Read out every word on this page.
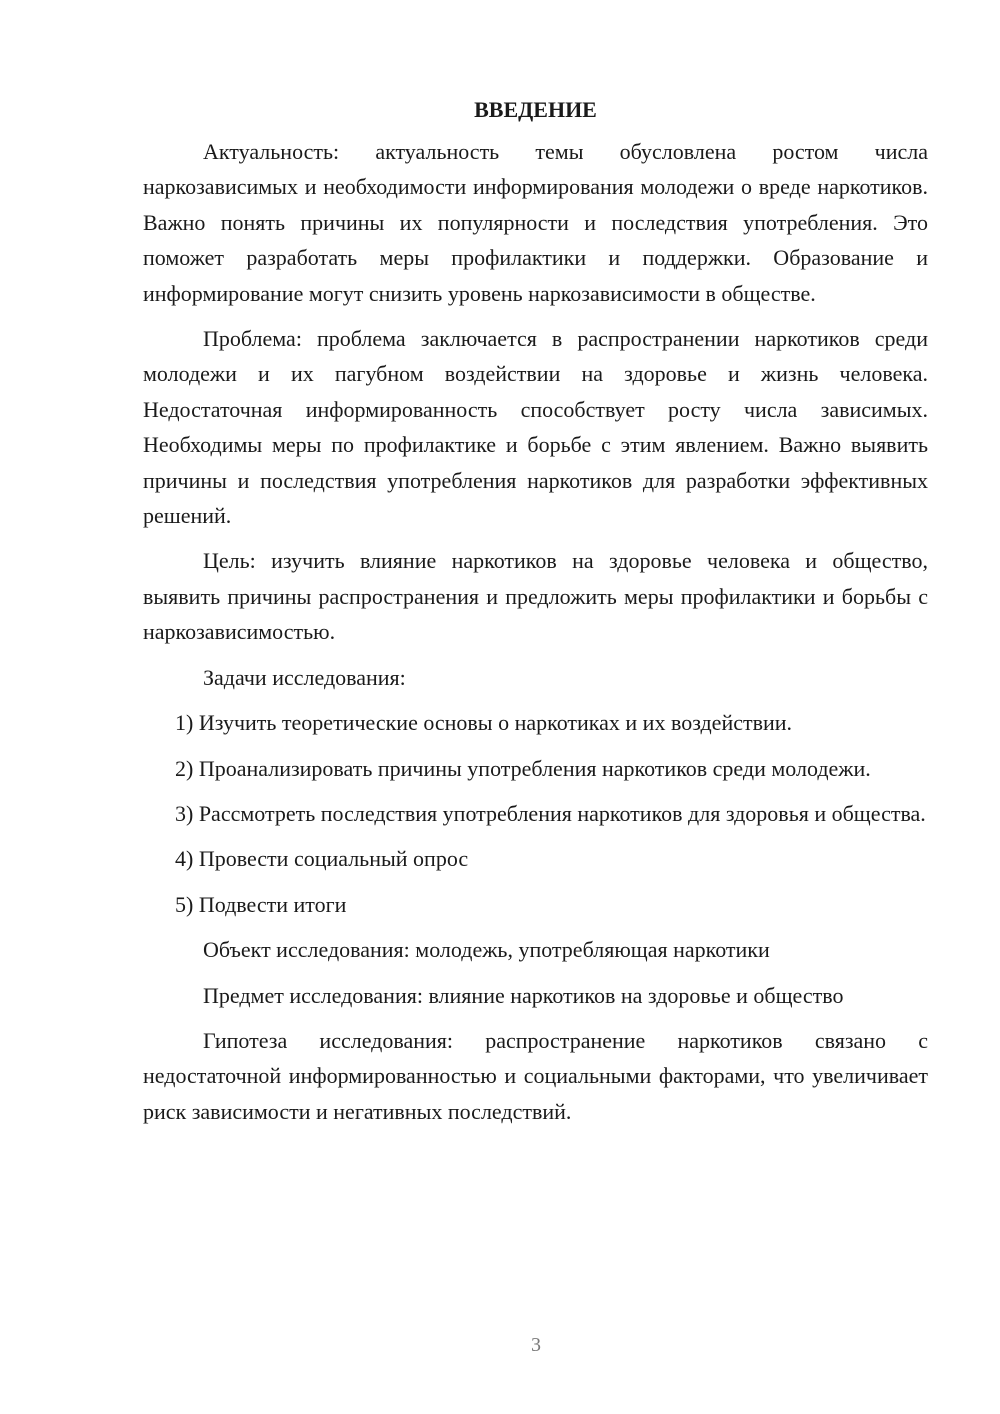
ВВЕДЕНИЕ

Актуальность: актуальность темы обусловлена ростом числа наркозависимых и необходимости информирования молодежи о вреде наркотиков. Важно понять причины их популярности и последствия употребления. Это поможет разработать меры профилактики и поддержки. Образование и информирование могут снизить уровень наркозависимости в обществе.

Проблема: проблема заключается в распространении наркотиков среди молодежи и их пагубном воздействии на здоровье и жизнь человека. Недостаточная информированность способствует росту числа зависимых. Необходимы меры по профилактике и борьбе с этим явлением. Важно выявить причины и последствия употребления наркотиков для разработки эффективных решений.

Цель: изучить влияние наркотиков на здоровье человека и общество, выявить причины распространения и предложить меры профилактики и борьбы с наркозависимостью.

Задачи исследования:

1) Изучить теоретические основы о наркотиках и их воздействии.

2) Проанализировать причины употребления наркотиков среди молодежи.

3) Рассмотреть последствия употребления наркотиков для здоровья и общества.

4) Провести социальный опрос

5) Подвести итоги

Объект исследования: молодежь, употребляющая наркотики

Предмет исследования: влияние наркотиков на здоровье и общество

Гипотеза исследования: распространение наркотиков связано с недостаточной информированностью и социальными факторами, что увеличивает риск зависимости и негативных последствий.

3
